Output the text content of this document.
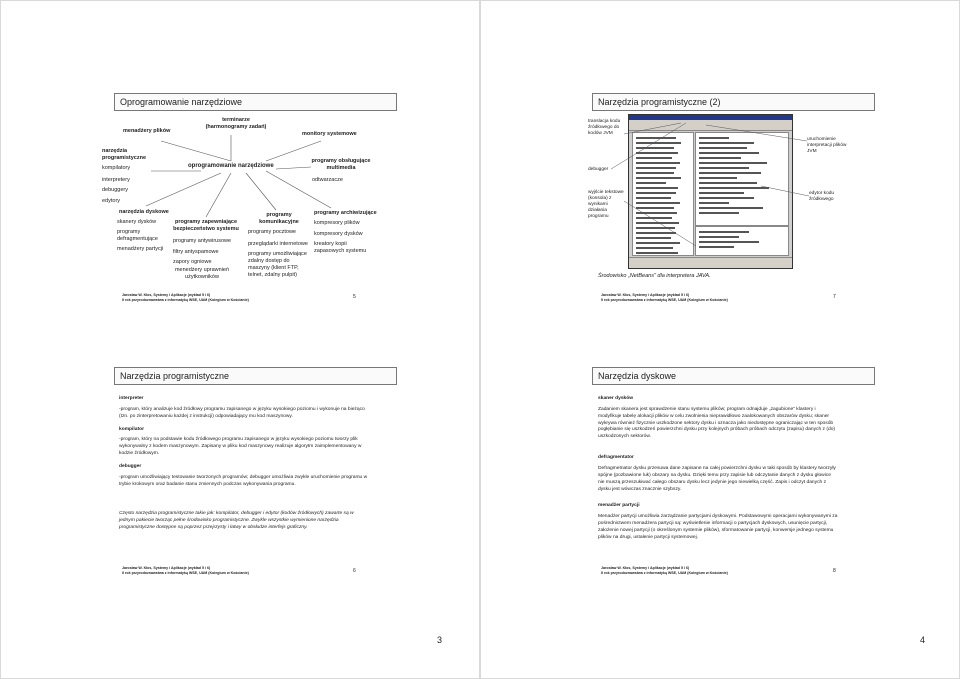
Oprogramowanie narzędziowe
menadżery plików
terminarze (harmonogramy zadań)
monitory systemowe
narzędzia programistyczne
kompilatory
interpretery
debuggery
edytory
oprogramowanie narzędziowe
programy obsługujące multimedia
odtwarzacze
narzędzia dyskowe
skanery dysków
programy defragmentujące
menadżery partycji
programy zapewniające bezpieczeństwo systemu
programy antywirusowe
filtry antyspamowe
zapory ogniowe
menedżery uprawnień użytkowników
programy komunikacyjne
programy pocztowe
przeglądarki internetowe
programy umożliwiające zdalny dostęp do maszyny (klient FTP, telnet, zdalny pulpit)
programy archiwizujące
kompresory plików
kompresory dysków
kreatory kopii zapasowych systemu
Jarosław W. Kłos, Systemy i Aplikacje (wykład 5 i 6)
II rok przyrodoznawstwa z informatyką WSE, UAM (Kolegium w Kościanie)	5
Narzędzia programistyczne
interpreter

-program, który analizuje kod źródłowy programu zapisanego w języku wysokiego poziomu i wykonuje na bieżąco (tzn. po zinterpretowaniu każdej z instrukcji) odpowiadający mu kod maszynowy.

kompilator

-program, który na podstawie kodu źródłowego programu zapisanego w języku wysokiego poziomu tworzy plik wykonywalny z kodem maszynowym. Zapisany w pliku kod maszynowy realizuje algorytm zaimplementowany w kodzie źródłowym.

debugger

-program umożliwiający testowanie tworzonych programów; debugger umożliwia zwykle uruchomienie programu w trybie krokowym oraz badanie stanu zmiennych podczas wykonywania programu.

Często narzędzia programistyczne takie jak: kompilator, debugger i edytor (kodów źródłowych) zawarte są w jednym pakiecie tworząc pełne środowisko programistyczne. Zwykle wszystkie wymienione narzędzia programistyczne dostępne są poprzez przejrzysty i łatwy w obsłudze interfejs graficzny.
Jarosław W. Kłos, Systemy i Aplikacje (wykład 5 i 6)
II rok przyrodoznawstwa z informatyką WSE, UAM (Kolegium w Kościanie)	6
3
Narzędzia programistyczne (2)
translacja kodu źródłowego do kodów JVM
debugger
wyjście tekstowe (konsola) z wynikami działania programu
uruchomienie interpretacji plików JVM
edytor kodu źródłowego
Środowisko „NetBeans" dla interpretera JAVA.
Jarosław W. Kłos, Systemy i Aplikacje (wykład 5 i 6)
II rok przyrodoznawstwa z informatyką WSE, UAM (Kolegium w Kościanie)	7
Narzędzia dyskowe
skaner dysków

Zadaniem skanera jest sprawdzenie stanu systemu plików; program odnajduje „zagubione" klastery i modyfikuje tabelę alokacji plików w celu zwolnienia nieprawidłowo zaalokowanych obszarów dysku; skaner wykrywa również fizycznie uszkodzone sektory dysku i oznacza jako niedostępne ograniczając w ten sposób pogłębianie się uszkodzeń powierzchni dysku przy kolejnych próbach próbach odczytu (zapisu) danych z (do) uszkodzonych sektorów.

defragmentator

Defragmetnator dysku przesuwa dane zapisane na całej powierzchni dysku w taki sposób by klastery tworzyły spójne (pozbawione luk) obszary na dysku. Dzięki temu przy zapisie lub odczytanie danych z dysku głowice nie muszą przeszukiwać całego obszaru dysku lecz jedynie jego niewielką część. Zapis i odczyt danych z dysku jest wówczas znacznie szybszy.

menadżer partycji

Menadżer partycji umożliwia zarządzanie partycjami dyskowymi. Podstawowymi operacjami wykonywanymi za pośrednictwem menadżera partycji są: wyświetlenie informacji o partycjach dyskowych, usunięcie partycji, założenie nowej partycji (o określonym systemie plików), sformatowanie partycji, konwersje jednego systemu plików na drugi, ustalenie partycji systemowej.

Jarosław W. Kłos, Systemy i Aplikacje (wykład 5 i 6)
II rok przyrodoznawstwa z informatyką WSE, UAM (Kolegium w Kościanie)	8
4
